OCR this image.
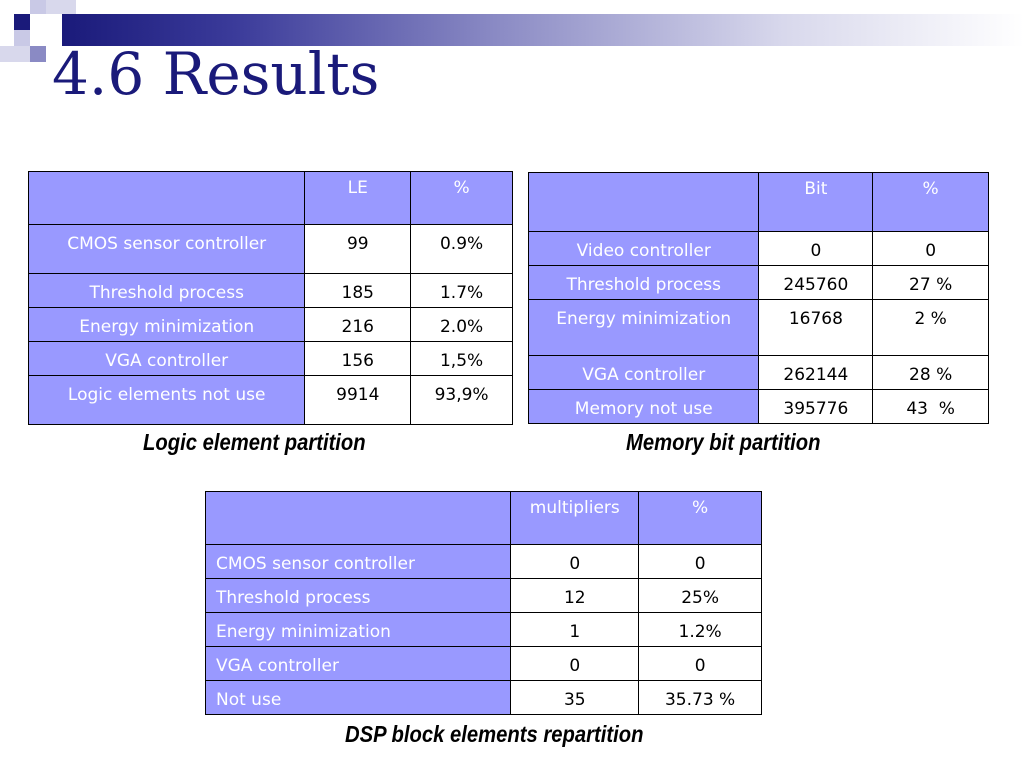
4.6 Results
	LE	%
CMOS sensor controller	99	0.9%
Threshold process	185	1.7%
Energy minimization	216	2.0%
VGA controller	156	1,5%
Logic elements not use	9914	93,9%

Logic element partition

	Bit	%
Video controller	0	0
Threshold process	245760	27 %
Energy minimization	16768	2 %
VGA controller	262144	28 %
Memory not use	395776	43  %

Memory bit partition

	multipliers	%
CMOS sensor controller	0	0
Threshold process	12	25%
Energy minimization	1	1.2%
VGA controller	0	0
Not use	35	35.73 %

DSP block elements repartition
